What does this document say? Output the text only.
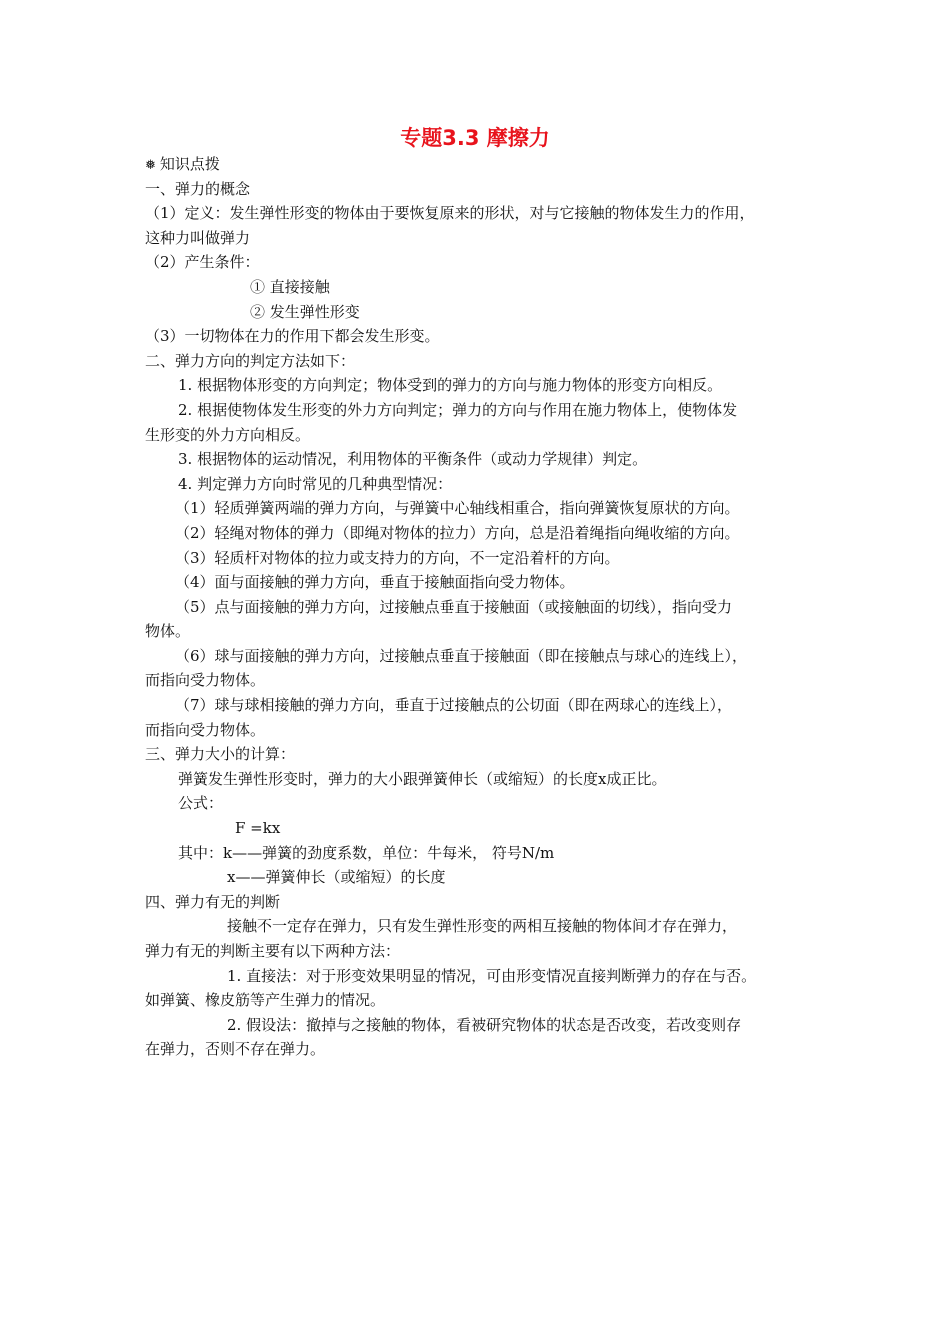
专题3.3 摩擦力
❅ 知识点拨
一、弹力的概念
（1）定义：发生弹性形变的物体由于要恢复原来的形状，对与它接触的物体发生力的作用，
这种力叫做弹力
（2）产生条件：
① 直接接触
② 发生弹性形变
（3）一切物体在力的作用下都会发生形变。
二、弹力方向的判定方法如下：
1. 根据物体形变的方向判定；物体受到的弹力的方向与施力物体的形变方向相反。
2. 根据使物体发生形变的外力方向判定；弹力的方向与作用在施力物体上，使物体发
生形变的外力方向相反。
3. 根据物体的运动情况，利用物体的平衡条件（或动力学规律）判定。
4. 判定弹力方向时常见的几种典型情况：
（1）轻质弹簧两端的弹力方向，与弹簧中心轴线相重合，指向弹簧恢复原状的方向。
（2）轻绳对物体的弹力（即绳对物体的拉力）方向，总是沿着绳指向绳收缩的方向。
（3）轻质杆对物体的拉力或支持力的方向，不一定沿着杆的方向。
（4）面与面接触的弹力方向，垂直于接触面指向受力物体。
（5）点与面接触的弹力方向，过接触点垂直于接触面（或接触面的切线），指向受力
物体。
（6）球与面接触的弹力方向，过接触点垂直于接触面（即在接触点与球心的连线上），
而指向受力物体。
（7）球与球相接触的弹力方向，垂直于过接触点的公切面（即在两球心的连线上），
而指向受力物体。
三、弹力大小的计算：
弹簧发生弹性形变时，弹力的大小跟弹簧伸长（或缩短）的长度x成正比。
公式：
F =kx
其中：k——弹簧的劲度系数，单位：牛每米， 符号N/m
x——弹簧伸长（或缩短）的长度
四、弹力有无的判断
接触不一定存在弹力，只有发生弹性形变的两相互接触的物体间才存在弹力，
弹力有无的判断主要有以下两种方法：
1. 直接法：对于形变效果明显的情况，可由形变情况直接判断弹力的存在与否。
如弹簧、橡皮筋等产生弹力的情况。
2. 假设法：撤掉与之接触的物体，看被研究物体的状态是否改变，若改变则存
在弹力，否则不存在弹力。
